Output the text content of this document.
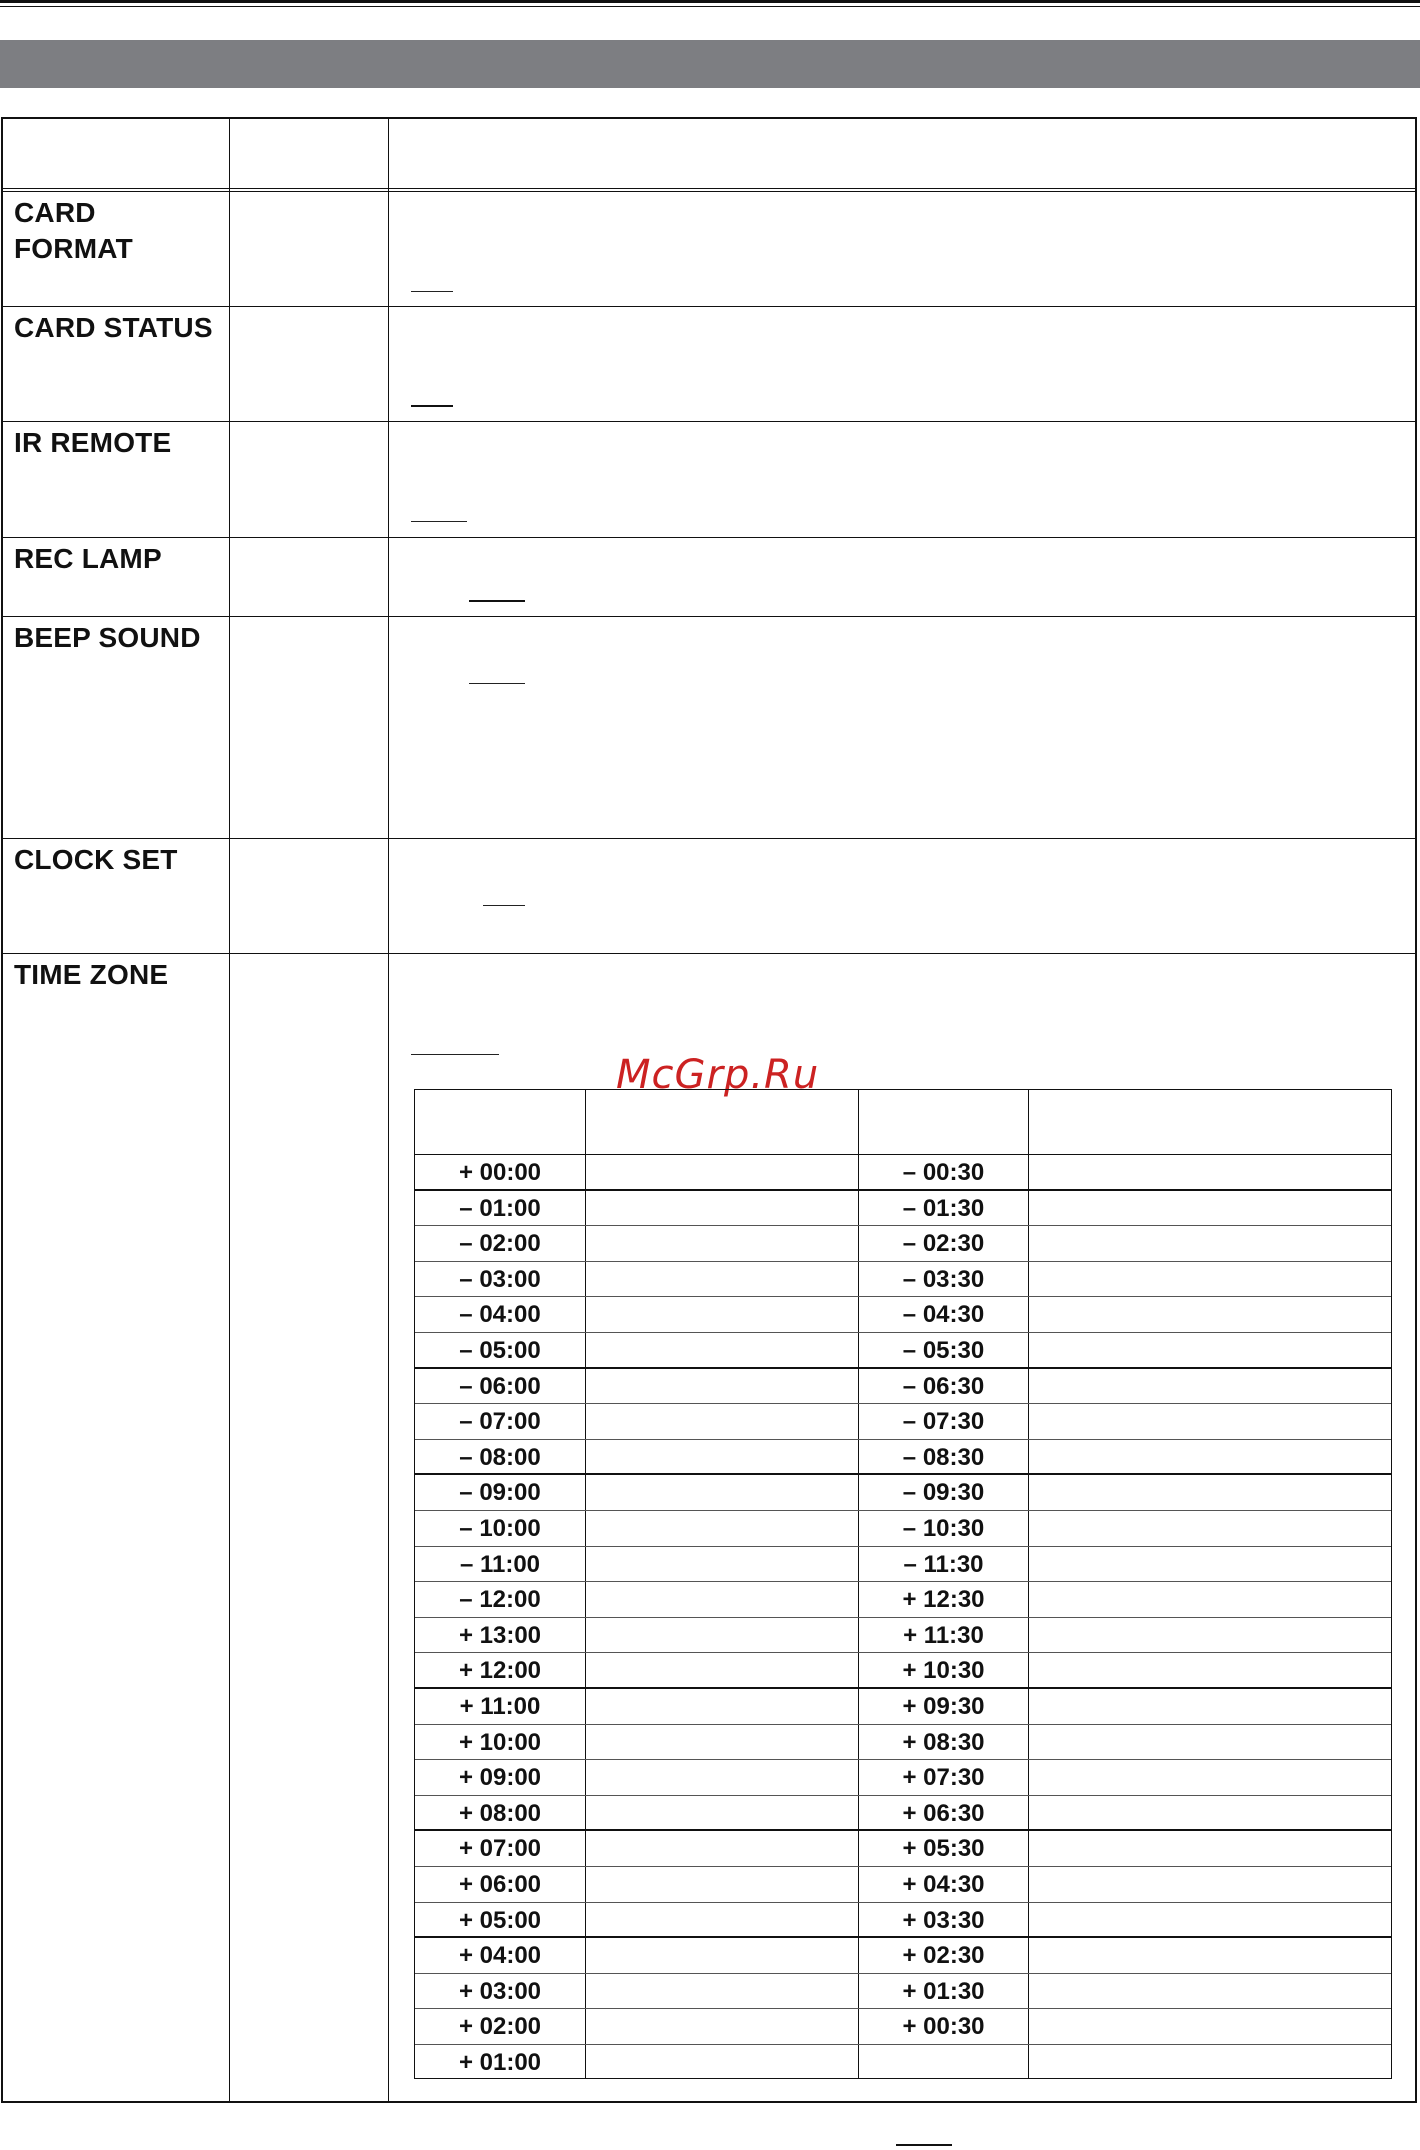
CARD
FORMAT
CARD STATUS
IR REMOTE
REC LAMP
BEEP SOUND
CLOCK SET
TIME ZONE
McGrp.Ru
+ 00:00	– 00:30
– 01:00	– 01:30
– 02:00	– 02:30
– 03:00	– 03:30
– 04:00	– 04:30
– 05:00	– 05:30
– 06:00	– 06:30
– 07:00	– 07:30
– 08:00	– 08:30
– 09:00	– 09:30
– 10:00	– 10:30
– 11:00	– 11:30
– 12:00	+ 12:30
+ 13:00	+ 11:30
+ 12:00	+ 10:30
+ 11:00	+ 09:30
+ 10:00	+ 08:30
+ 09:00	+ 07:30
+ 08:00	+ 06:30
+ 07:00	+ 05:30
+ 06:00	+ 04:30
+ 05:00	+ 03:30
+ 04:00	+ 02:30
+ 03:00	+ 01:30
+ 02:00	+ 00:30
+ 01:00
